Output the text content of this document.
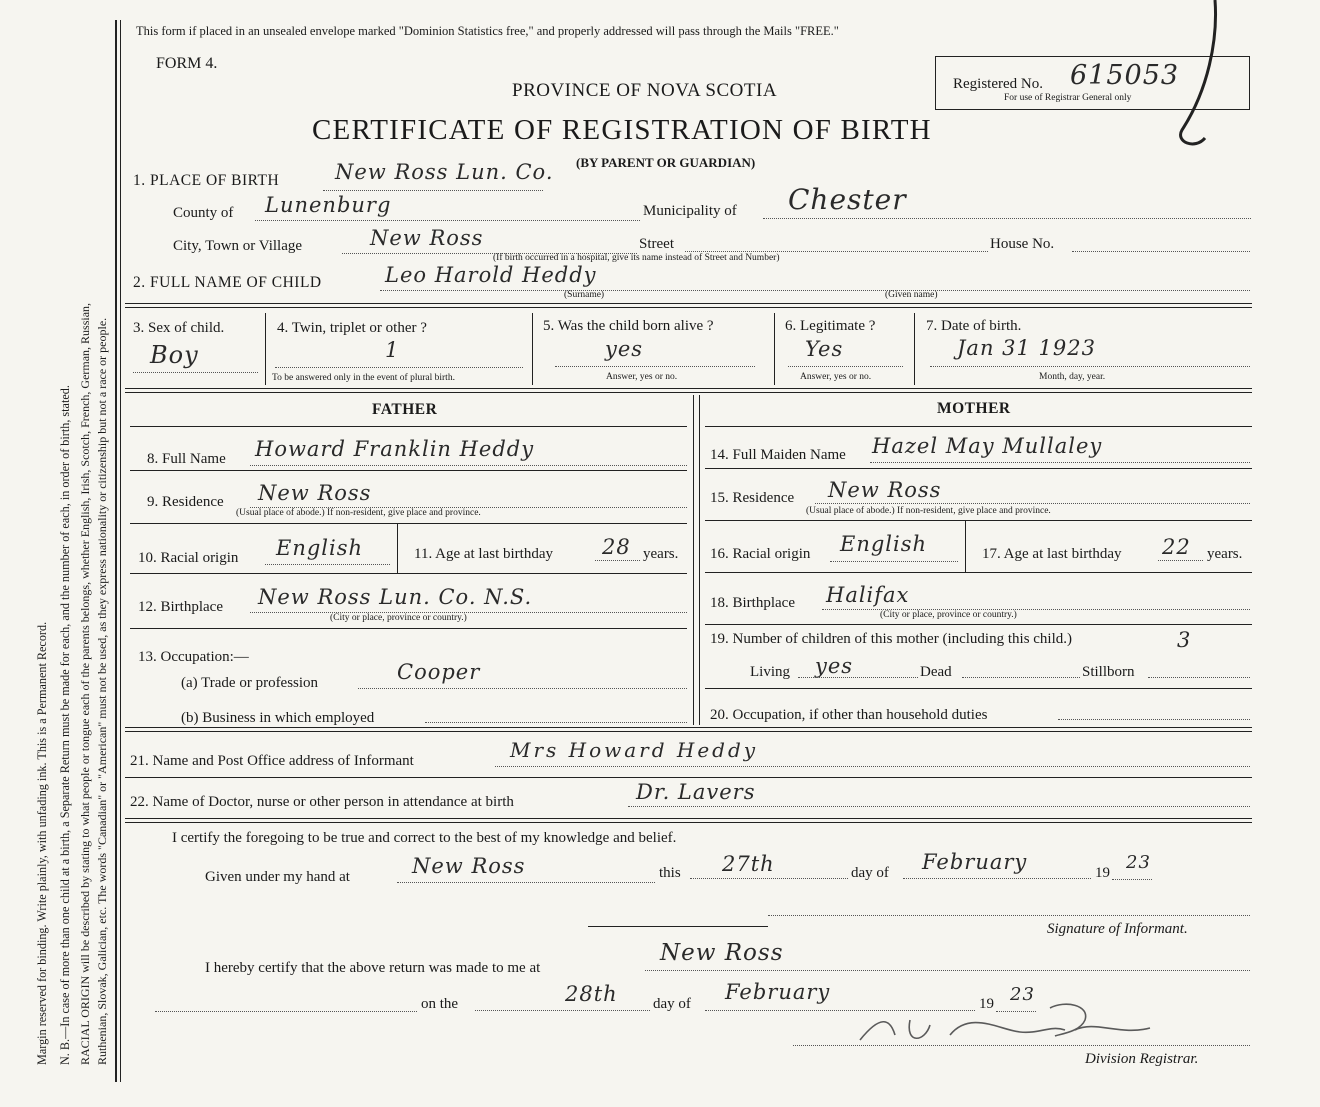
Margin reserved for binding. Write plainly, with unfading ink. This is a Permanent Record. N. B.—In case of more than one child at a birth, a Separate Return must be made for each, and the number of each, in order of birth, stated. RACIAL ORIGIN will be described by stating to what people or tongue each of the parents belongs, whether English, Irish, Scotch, French, German, Russian, Ruthenian, Slovak, Galician, etc. The words "Canadian" or "American" must not be used, as they express nationality or citizenship but not a race or people.
This form if placed in an unsealed envelope marked "Dominion Statistics free," and properly addressed will pass through the Mails "FREE."
FORM 4.
PROVINCE OF NOVA SCOTIA
CERTIFICATE OF REGISTRATION OF BIRTH
(BY PARENT OR GUARDIAN)
Registered No. 615053
For use of Registrar General only
1. PLACE OF BIRTH	New Ross Lun. Co.
County of Lunenburg	Municipality of Chester
City, Town or Village	New Ross	Street	House No.
(If birth occurred in a hospital, give its name instead of Street and Number)
2. FULL NAME OF CHILD	Leo Harold Heddy
(Surname)	(Given name)
3. Sex of child.
Boy
4. Twin, triplet or other ?
1
To be answered only in the event of plural birth.
5. Was the child born alive ?
yes
Answer, yes or no.
6. Legitimate ?
Yes
Answer, yes or no.
7. Date of birth.
Jan 31 1923
Month, day, year.
FATHER	MOTHER
8. Full Name Howard Franklin Heddy
9. Residence New Ross
(Usual place of abode.) If non-resident, give place and province.
10. Racial origin English	11. Age at last birthday 28 years.
12. Birthplace New Ross Lun. Co. N.S.
(City or place, province or country.)
13. Occupation:—
(a) Trade or profession	Cooper
(b) Business in which employed
14. Full Maiden Name Hazel May Mullaley
15. Residence New Ross
(Usual place of abode.) If non-resident, give place and province.
16. Racial origin English	17. Age at last birthday 22 years.
18. Birthplace Halifax
(City or place, province or country.)
19. Number of children of this mother (including this child.)	3
Living yes	Dead	Stillborn
20. Occupation, if other than household duties
21. Name and Post Office address of Informant	Mrs Howard Heddy
22. Name of Doctor, nurse or other person in attendance at birth	Dr. Lavers
I certify the foregoing to be true and correct to the best of my knowledge and belief.
Given under my hand at	New Ross	this 27th	day of February	19 23
Signature of Informant.
I hereby certify that the above return was made to me at
New Ross
on the	28th day of February	19 23
Division Registrar.
